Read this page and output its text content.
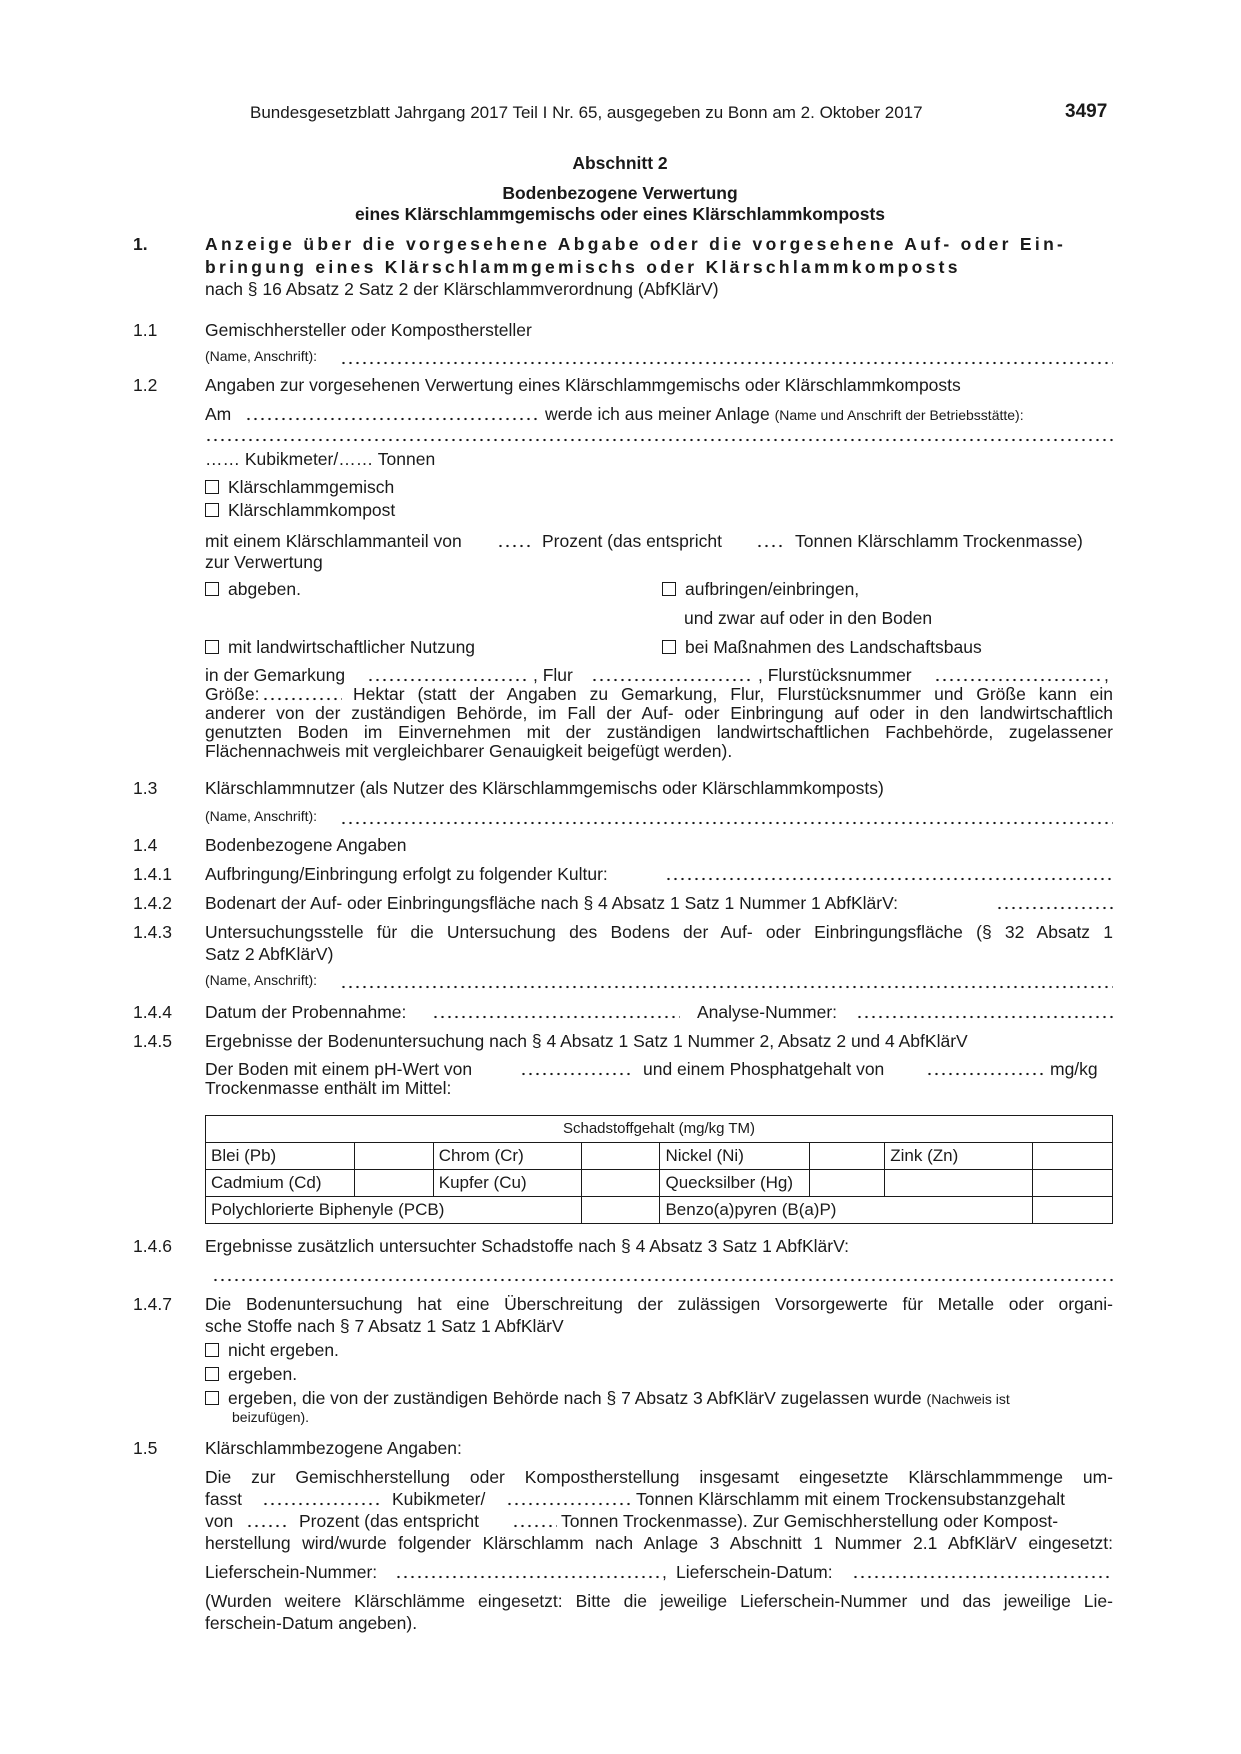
Bundesgesetzblatt Jahrgang 2017 Teil I Nr. 65, ausgegeben zu Bonn am 2. Oktober 2017	3497
Abschnitt 2
Bodenbezogene Verwertung
eines Klärschlammgemischs oder eines Klärschlammkomposts
1.	Anzeige über die vorgesehene Abgabe oder die vorgesehene Auf- oder Ein-
bringung eines Klärschlammgemischs oder Klärschlammkomposts
nach § 16 Absatz 2 Satz 2 der Klärschlammverordnung (AbfKlärV)
1.1	Gemischhersteller oder Komposthersteller
(Name, Anschrift):
1.2	Angaben zur vorgesehenen Verwertung eines Klärschlammgemischs oder Klärschlammkomposts
Am	werde ich aus meiner Anlage (Name und Anschrift der Betriebsstätte):
…… Kubikmeter/…… Tonnen
Klärschlammgemisch
Klärschlammkompost
mit einem Klärschlammanteil von	Prozent (das entspricht	Tonnen Klärschlamm Trockenmasse)
zur Verwertung
abgeben.	aufbringen/einbringen,
und zwar auf oder in den Boden
mit landwirtschaftlicher Nutzung	bei Maßnahmen des Landschaftsbaus
in der Gemarkung	, Flur	, Flurstücksnummer	,
Größe:	Hektar (statt der Angaben zu Gemarkung, Flur, Flurstücksnummer und Größe kann ein
anderer von der zuständigen Behörde, im Fall der Auf- oder Einbringung auf oder in den landwirtschaftlich
genutzten Boden im Einvernehmen mit der zuständigen landwirtschaftlichen Fachbehörde, zugelassener
Flächennachweis mit vergleichbarer Genauigkeit beigefügt werden).
1.3	Klärschlammnutzer (als Nutzer des Klärschlammgemischs oder Klärschlammkomposts)
(Name, Anschrift):
1.4	Bodenbezogene Angaben
1.4.1 Aufbringung/Einbringung erfolgt zu folgender Kultur:
1.4.2 Bodenart der Auf- oder Einbringungsfläche nach § 4 Absatz 1 Satz 1 Nummer 1 AbfKlärV:
1.4.3 Untersuchungsstelle für die Untersuchung des Bodens der Auf- oder Einbringungsfläche (§ 32 Absatz 1
Satz 2 AbfKlärV)
(Name, Anschrift):
1.4.4 Datum der Probennahme:	Analyse-Nummer:
1.4.5 Ergebnisse der Bodenuntersuchung nach § 4 Absatz 1 Satz 1 Nummer 2, Absatz 2 und 4 AbfKlärV
Der Boden mit einem pH-Wert von	und einem Phosphatgehalt von	mg/kg
Trockenmasse enthält im Mittel:
Schadstoffgehalt (mg/kg TM)							
Blei (Pb)		Chrom (Cr)		Nickel (Ni)		Zink (Zn)	
Cadmium (Cd)		Kupfer (Cu)		Quecksilber (Hg)			
Polychlorierte Biphenyle (PCB)				Benzo(a)pyren (B(a)P)			
1.4.6 Ergebnisse zusätzlich untersuchter Schadstoffe nach § 4 Absatz 3 Satz 1 AbfKlärV:
1.4.7 Die Bodenuntersuchung hat eine Überschreitung der zulässigen Vorsorgewerte für Metalle oder organi-
sche Stoffe nach § 7 Absatz 1 Satz 1 AbfKlärV
nicht ergeben.
ergeben.
ergeben, die von der zuständigen Behörde nach § 7 Absatz 3 AbfKlärV zugelassen wurde (Nachweis ist
beizufügen).
1.5	Klärschlammbezogene Angaben:
Die zur Gemischherstellung oder Kompostherstellung insgesamt eingesetzte Klärschlammmenge um-
fasst	Kubikmeter/	Tonnen Klärschlamm mit einem Trockensubstanzgehalt
von	Prozent (das entspricht	Tonnen Trockenmasse). Zur Gemischherstellung oder Kompost-
herstellung wird/wurde folgender Klärschlamm nach Anlage 3 Abschnitt 1 Nummer 2.1 AbfKlärV eingesetzt:
Lieferschein-Nummer:	, Lieferschein-Datum:
(Wurden weitere Klärschlämme eingesetzt: Bitte die jeweilige Lieferschein-Nummer und das jeweilige Lie-
ferschein-Datum angeben).
